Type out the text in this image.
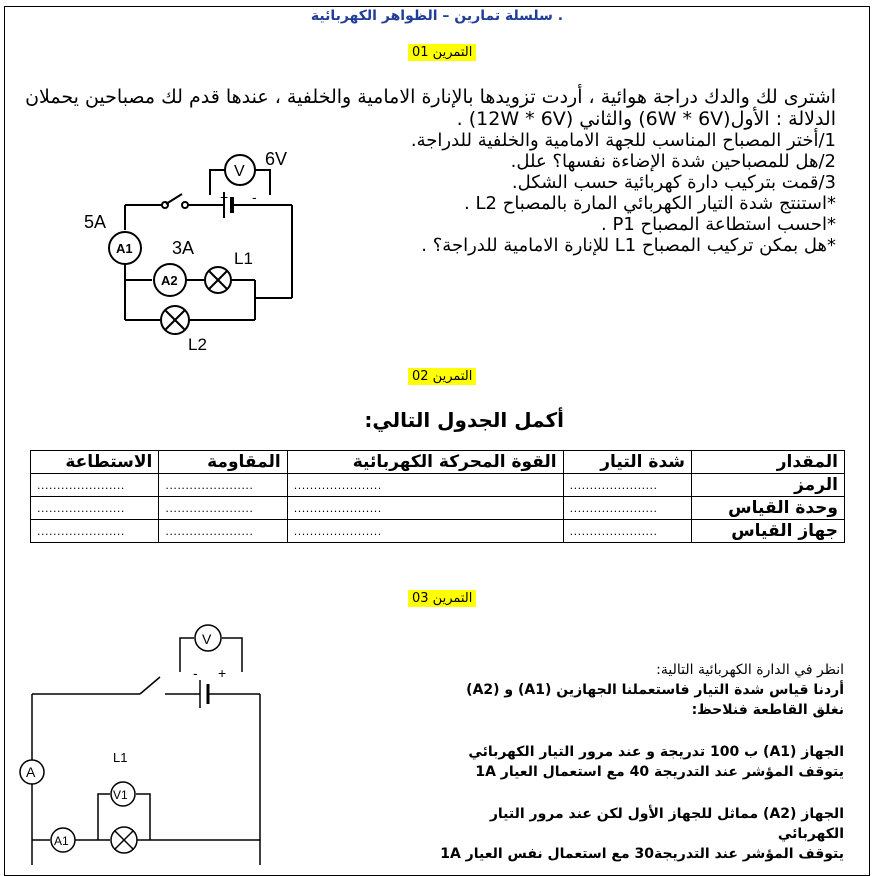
سلسلة تمارين – الظواهر الكهربائية .
التمرين 01
اشترى لك والدك دراجة هوائية ، أردت تزويدها بالإنارة الامامية والخلفية ، عندها قدم لك مصباحين يحملان
الدلالة : الأول(6W * 6V) والثاني (12W * 6V) .
1/أختر المصباح المناسب للجهة الامامية والخلفية للدراجة.
2/هل للمصباحين شدة الإضاءة نفسها؟ علل.
3/قمت بتركيب دارة كهربائية حسب الشكل.
*استنتج شدة التيار الكهربائي المارة بالمصباح L2 .
*احسب استطاعة المصباح P1 .
*هل بمكن تركيب المصباح L1 للإنارة الامامية للدراجة؟ .
V
6V
+ -
5A
A1 3A
A2
L1
L2
التمرين 02
أكمل الجدول التالي:
المقدار	شدة التيار	القوة المحركة الكهربائية	المقاومة	الاستطاعة
الرمز	......................	......................	......................	......................
وحدة القياس	......................	......................	......................	......................
جهاز القياس	......................	......................	......................	......................
التمرين 03
انظر في الدارة الكهربائية التالية:
أردنا قياس شدة التيار فاستعملنا الجهازين (A1) و (A2)
نغلق القاطعة فنلاحظ:
الجهاز (A1) ب 100 تدريجة و عند مرور التيار الكهربائي
يتوقف المؤشر عند التدريجة 40 مع استعمال العيار 1A
الجهاز (A2) مماثل للجهاز الأول لكن عند مرور التيار الكهربائي
يتوقف المؤشر عند التدريجة30 مع استعمال نفس العيار 1A
V
- +
A
L1
V1
A1
